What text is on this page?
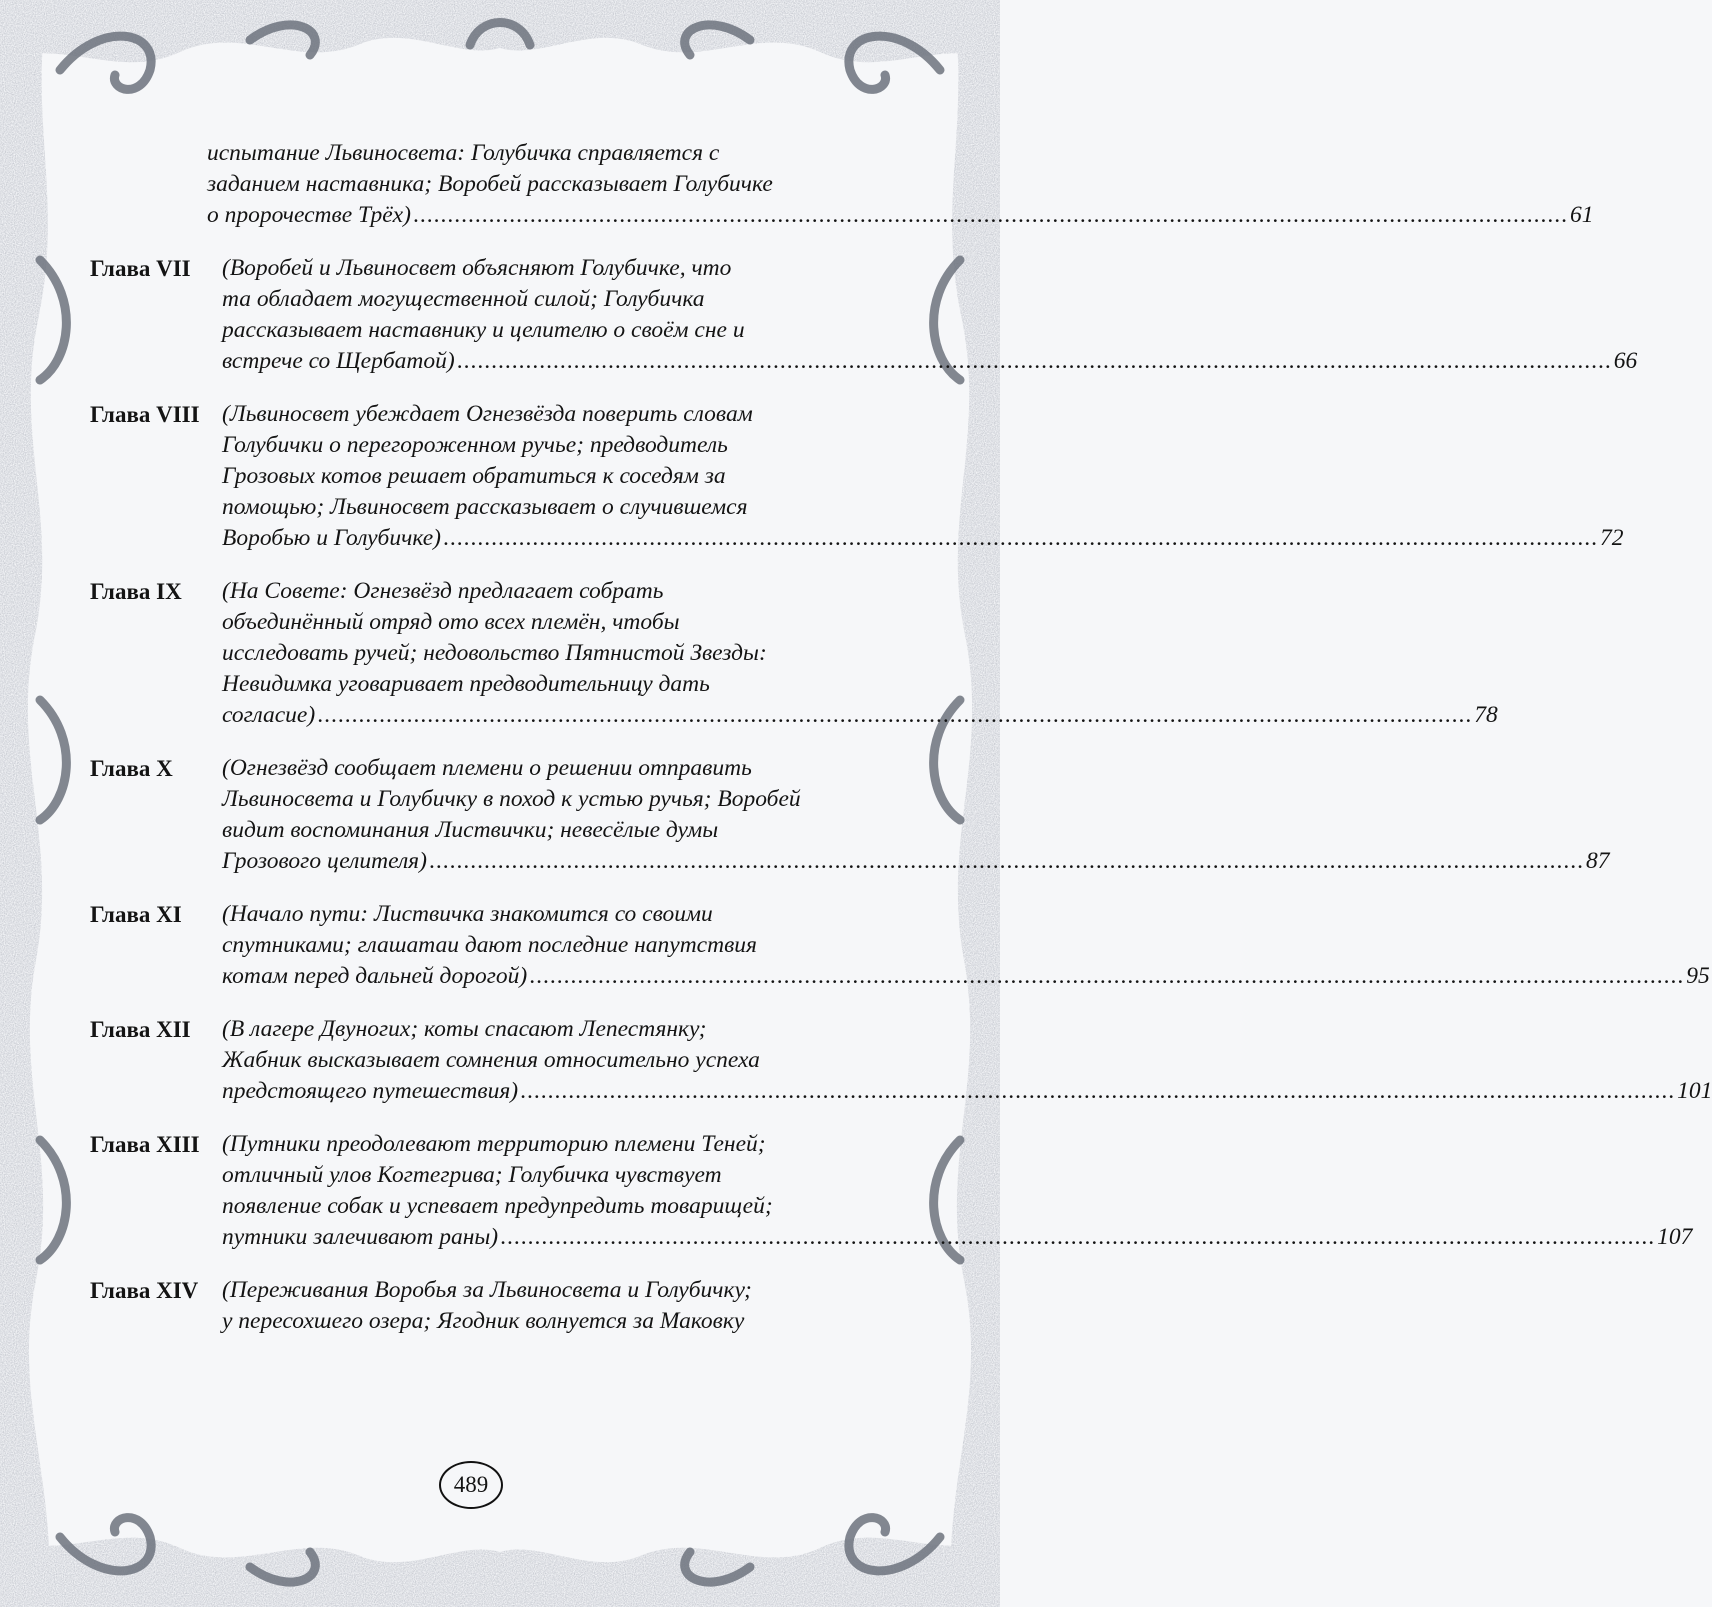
испытание Львиносвета: Голубичка справляется с
заданием наставника; Воробей рассказывает Голубичке
о пророчестве Трёх) .....	61
Глава VII	(Воробей и Львиносвет объясняют Голубичке, что
та обладает могущественной силой; Голубичка
рассказывает наставнику и целителю о своём сне и
встрече со Щербатой) .....	66
Глава VIII (Львиносвет убеждает Огнезвёзда поверить словам
Голубички о перегороженном ручье; предводитель
Грозовых котов решает обратиться к соседям за
помощью; Львиносвет рассказывает о случившемся
Воробью и Голубичке) .....	72
Глава IX	(На Совете: Огнезвёзд предлагает собрать
объединённый отряд ото всех племён, чтобы
исследовать ручей; недовольство Пятнистой Звезды:
Невидимка уговаривает предводительницу дать
согласие) .....	78
Глава X	(Огнезвёзд сообщает племени о решении отправить
Львиносвета и Голубичку в поход к устью ручья; Воробей
видит воспоминания Листвички; невесёлые думы
Грозового целителя) .....	87
Глава XI	(Начало пути: Листвичка знакомится со своими
спутниками; глашатаи дают последние напутствия
котам перед дальней дорогой) .....	95
Глава XII	(В лагере Двуногих; коты спасают Лепестянку;
Жабник высказывает сомнения относительно успеха
предстоящего путешествия) .....	101
Глава XIII (Путники преодолевают территорию племени Теней;
отличный улов Когтегрива; Голубичка чувствует
появление собак и успевает предупредить товарищей;
путники залечивают раны) .....	107
Глава XIV	(Переживания Воробья за Львиносвета и Голубичку;
у пересохшего озера; Ягодник волнуется за Маковку
489
